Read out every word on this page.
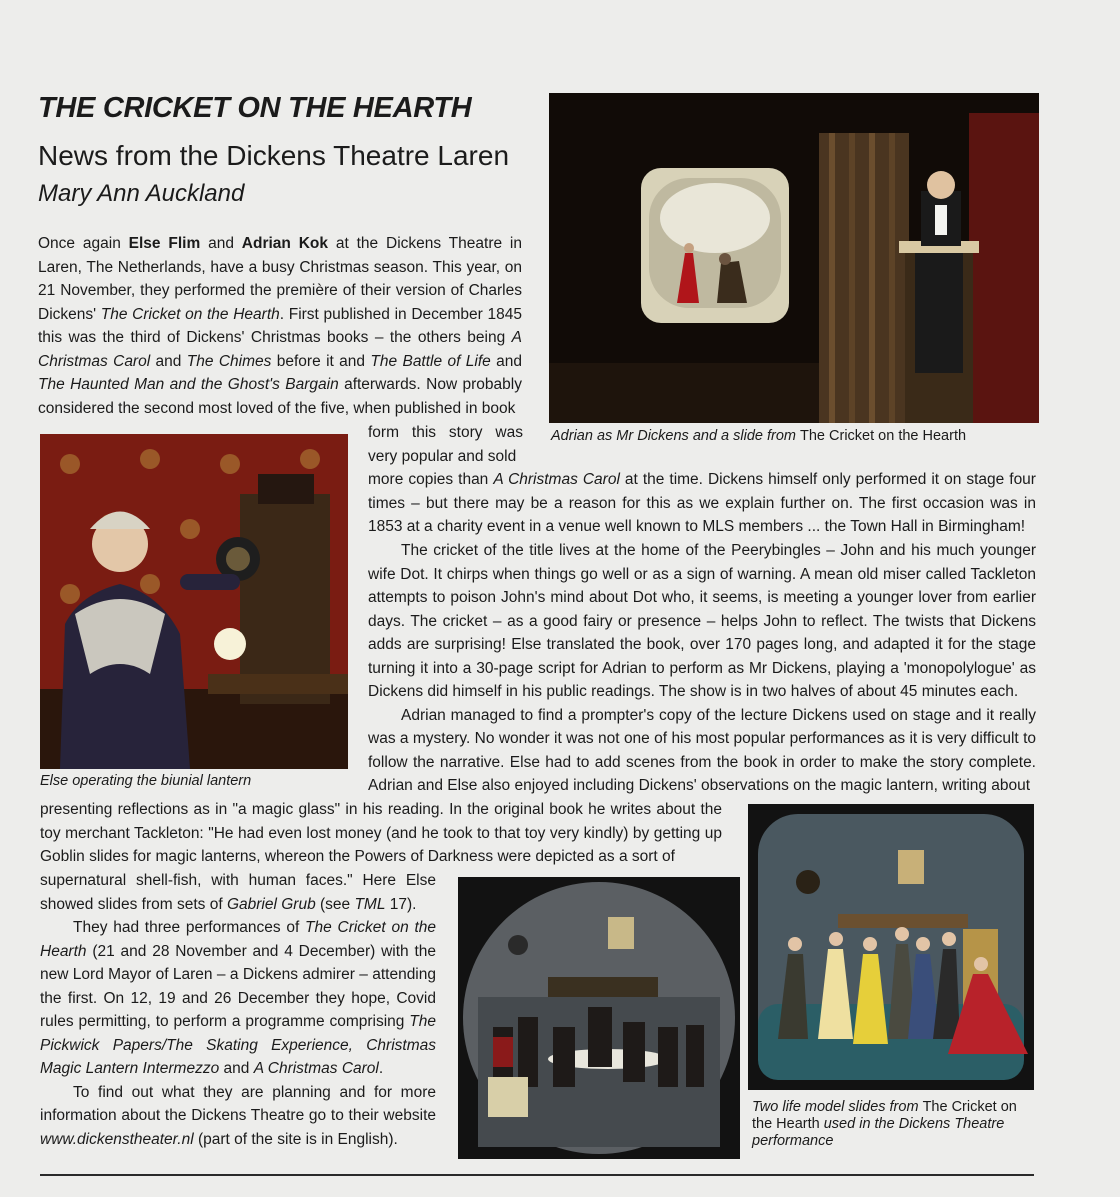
THE CRICKET ON THE HEARTH
News from the Dickens Theatre Laren
Mary Ann Auckland

Once again Else Flim and Adrian Kok at the Dickens Theatre in Laren, The Netherlands, have a busy Christmas season. This year, on 21 November, they performed the première of their version of Charles Dickens' The Cricket on the Hearth. First published in December 1845 this was the third of Dickens' Christmas books – the others being A Christmas Carol and The Chimes before it and The Battle of Life and The Haunted Man and the Ghost's Bargain afterwards. Now probably considered the second most loved of the five, when published in book

form this story was very popular and sold

more copies than A Christmas Carol at the time. Dickens himself only performed it on stage four times – but there may be a reason for this as we explain further on. The first occasion was in 1853 at a charity event in a venue well known to MLS members ... the Town Hall in Birmingham!

The cricket of the title lives at the home of the Peerybingles – John and his much younger wife Dot. It chirps when things go well or as a sign of warning. A mean old miser called Tackleton attempts to poison John's mind about Dot who, it seems, is meeting a younger lover from earlier days. The cricket – as a good fairy or presence – helps John to reflect. The twists that Dickens adds are surprising! Else translated the book, over 170 pages long, and adapted it for the stage turning it into a 30-page script for Adrian to perform as Mr Dickens, playing a 'monopolylogue' as Dickens did himself in his public readings. The show is in two halves of about 45 minutes each.

Adrian managed to find a prompter's copy of the lecture Dickens used on stage and it really was a mystery. No wonder it was not one of his most popular performances as it is very difficult to follow the narrative. Else had to add scenes from the book in order to make the story complete. Adrian and Else also enjoyed including Dickens' observations on the magic lantern, writing about

presenting reflections as in "a magic glass" in his reading. In the original book he writes about the toy merchant Tackleton: "He had even lost money (and he took to that toy very kindly) by getting up Goblin slides for magic lanterns, whereon the Powers of Darkness were depicted as a sort of

supernatural shell-fish, with human faces." Here Else showed slides from sets of Gabriel Grub (see TML 17).

They had three performances of The Cricket on the Hearth (21 and 28 November and 4 December) with the new Lord Mayor of Laren – a Dickens admirer – attending the first. On 12, 19 and 26 December they hope, Covid rules permitting, to perform a programme comprising The Pickwick Papers/The Skating Experience, Christmas Magic Lantern Intermezzo and A Christmas Carol.

To find out what they are planning and for more information about the Dickens Theatre go to their website www.dickenstheater.nl (part of the site is in English).

Adrian as Mr Dickens and a slide from The Cricket on the Hearth
Else operating the biunial lantern
Two life model slides from The Cricket on the Hearth used in the Dickens Theatre performance
